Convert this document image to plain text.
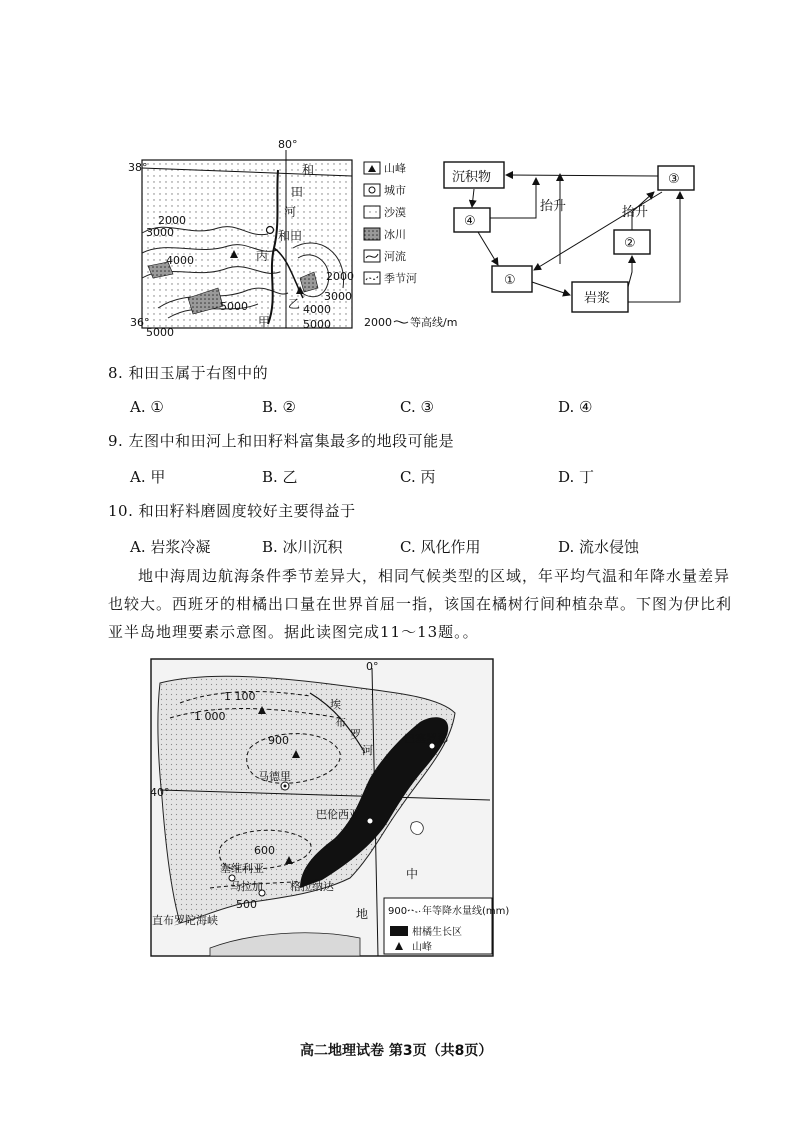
38°
36°
80°
和
田
河
和田
丙
乙
甲
2000
3000
4000
5000
2000
3000
4000
5000
5000
山峰
城市
沙漠
冰川
河流
季节河
2000 等高线/m
沉积物	③
④
②
①
岩浆
抬升	抬升
8. 和田玉属于右图中的
A. ①	B. ②	C. ③	D. ④
9. 左图中和田河上和田籽料富集最多的地段可能是
A. 甲	B. 乙	C. 丙	D. 丁
10. 和田籽料磨圆度较好主要得益于
A. 岩浆冷凝	B. 冰川沉积	C. 风化作用	D. 流水侵蚀
地中海周边航海条件季节差异大，相同气候类型的区域，年平均气温和年降水量差异也较大。西班牙的柑橘出口量在世界首屈一指，该国在橘树行间种植杂草。下图为伊比利亚半岛地理要素示意图。据此读图完成11～13题。。
0°
40°
1 100
1 000
900
600
500
埃
布
罗
河
巴塞罗那
马德里
巴伦西亚
塞维利亚
马拉加 格拉纳达
地
中
直布罗陀海峡
900 年等降水量线(mm)
柑橘生长区
山峰
高二地理试卷 第3页（共8页）
